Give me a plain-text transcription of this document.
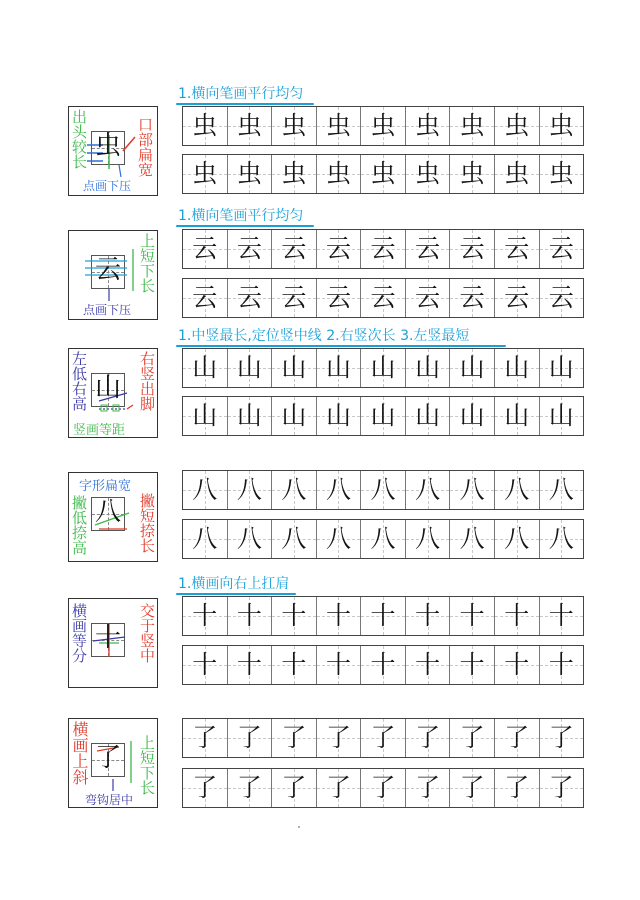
1.横向笔画平行均匀
虫
出头较长	口部扁宽
点画下压
虫 虫 虫 虫 虫 虫 虫 虫 虫
虫 虫 虫 虫 虫 虫 虫 虫 虫
1.横向笔画平行均匀
云 上短下长
点画下压
云 云 云 云 云 云 云 云 云
云 云 云 云 云 云 云 云 云
1.中竖最长,定位竖中线 2.右竖次长 3.左竖最短
山
左低右高	右竖出脚
竖画等距
山 山 山 山 山 山 山 山 山
山 山 山 山 山 山 山 山 山
八
字形扁宽
撇低捺高	撇短捺长
八 八 八 八 八 八 八 八 八
八 八 八 八 八 八 八 八 八
1.横画向右上扛肩
十
横画等分	交于竖中	十 十 十 十 十 十 十 十 十
十 十 十 十 十 十 十 十 十
了
横画上斜	上短下长
弯钩居中
了 了 了 了 了 了 了 了 了
了 了 了 了 了 了 了 了 了
